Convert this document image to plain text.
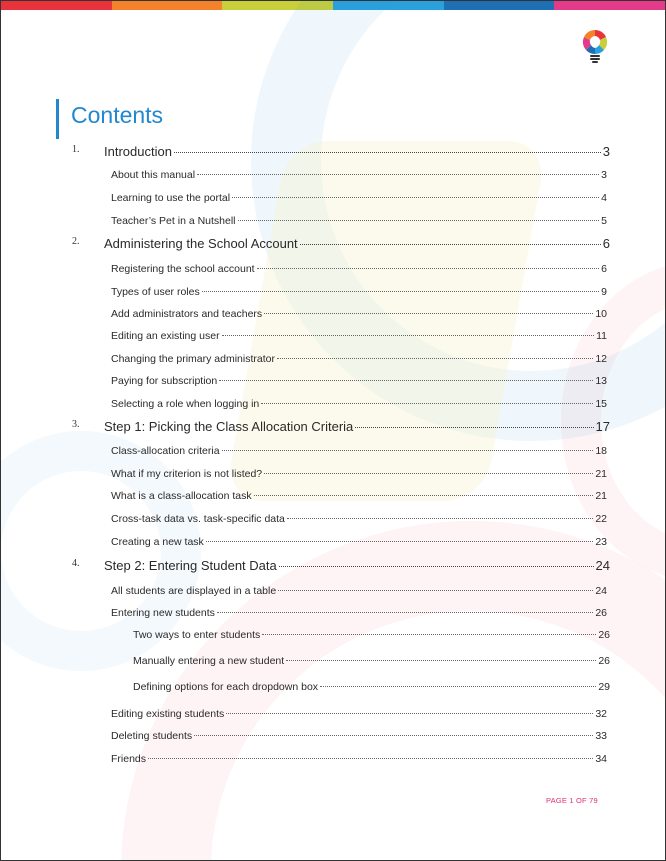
Contents
1. Introduction	3
About this manual	3
Learning to use the portal	4
Teacher’s Pet in a Nutshell	5
2. Administering the School Account	6
Registering the school account	6
Types of user roles	9
Add administrators and teachers	10
Editing an existing user	11
Changing the primary administrator	12
Paying for subscription	13
Selecting a role when logging in	15
3. Step 1: Picking the Class Allocation Criteria	17
Class-allocation criteria	18
What if my criterion is not listed?	21
What is a class-allocation task	21
Cross-task data vs. task-specific data	22
Creating a new task	23
4. Step 2: Entering Student Data	24
All students are displayed in a table	24
Entering new students	26
Two ways to enter students	26
Manually entering a new student	26
Defining options for each dropdown box	29
Editing existing students	32
Deleting students	33
Friends	34
PAGE 1 OF 79
